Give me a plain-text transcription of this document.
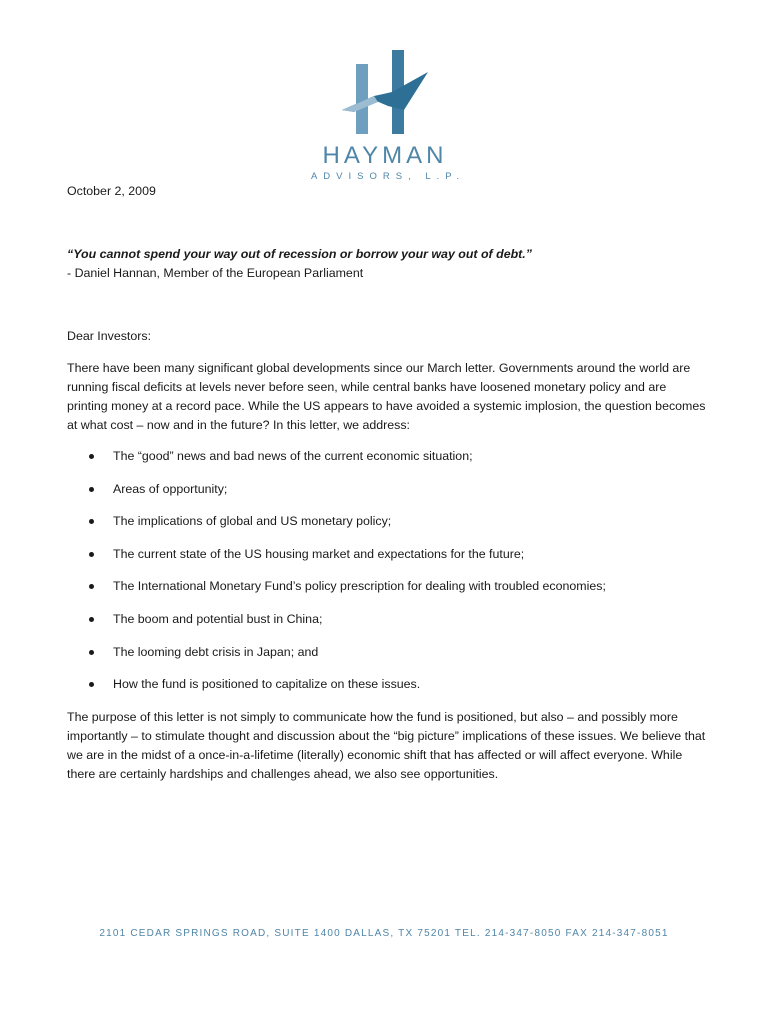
HAYMAN
ADVISORS, L.P.

October 2, 2009

“You cannot spend your way out of recession or borrow your way out of debt.”

- Daniel Hannan, Member of the European Parliament

Dear Investors:

There have been many significant global developments since our March letter. Governments around the world are running fiscal deficits at levels never before seen, while central banks have loosened monetary policy and are printing money at a record pace. While the US appears to have avoided a systemic implosion, the question becomes at what cost – now and in the future? In this letter, we address:

The “good” news and bad news of the current economic situation;
Areas of opportunity;
The implications of global and US monetary policy;
The current state of the US housing market and expectations for the future;
The International Monetary Fund’s policy prescription for dealing with troubled economies;
The boom and potential bust in China;
The looming debt crisis in Japan; and
How the fund is positioned to capitalize on these issues.

The purpose of this letter is not simply to communicate how the fund is positioned, but also – and possibly more importantly – to stimulate thought and discussion about the “big picture” implications of these issues. We believe that we are in the midst of a once-in-a-lifetime (literally) economic shift that has affected or will affect everyone. While there are certainly hardships and challenges ahead, we also see opportunities.

2101 CEDAR SPRINGS ROAD, SUITE 1400 DALLAS, TX 75201 TEL. 214-347-8050 FAX 214-347-8051
